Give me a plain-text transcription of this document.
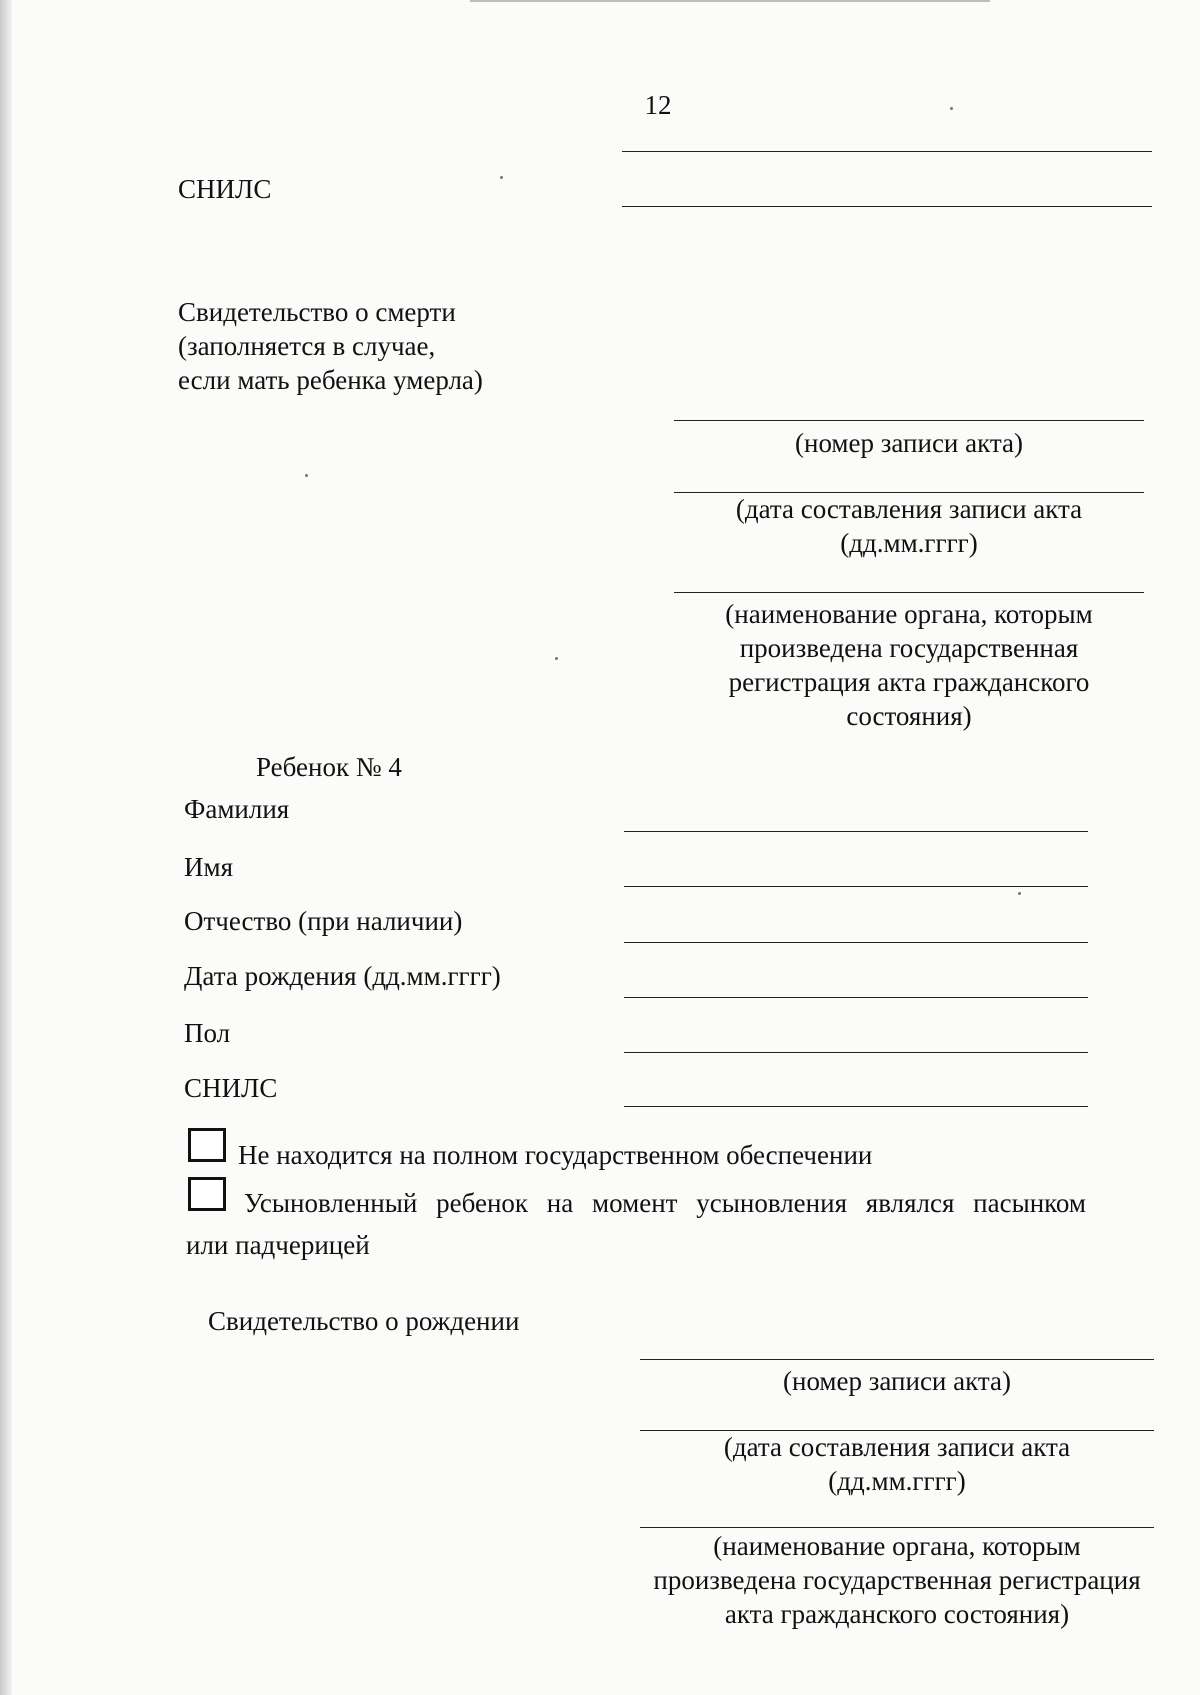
12
СНИЛС
Свидетельство о смерти
(заполняется в случае,
если мать ребенка умерла)
(номер записи акта)
(дата составления записи акта
(дд.мм.гггг)
(наименование органа, которым
произведена государственная
регистрация акта гражданского
состояния)
Ребенок № 4
Фамилия
Имя
Отчество (при наличии)
Дата рождения (дд.мм.гггг)
Пол
СНИЛС
Не находится на полном государственном обеспечении
Усыновленный ребенок на момент усыновления являлся пасынком
или падчерицей
Свидетельство о рождении
(номер записи акта)
(дата составления записи акта
(дд.мм.гггг)
(наименование органа, которым
произведена государственная регистрация
акта гражданского состояния)
